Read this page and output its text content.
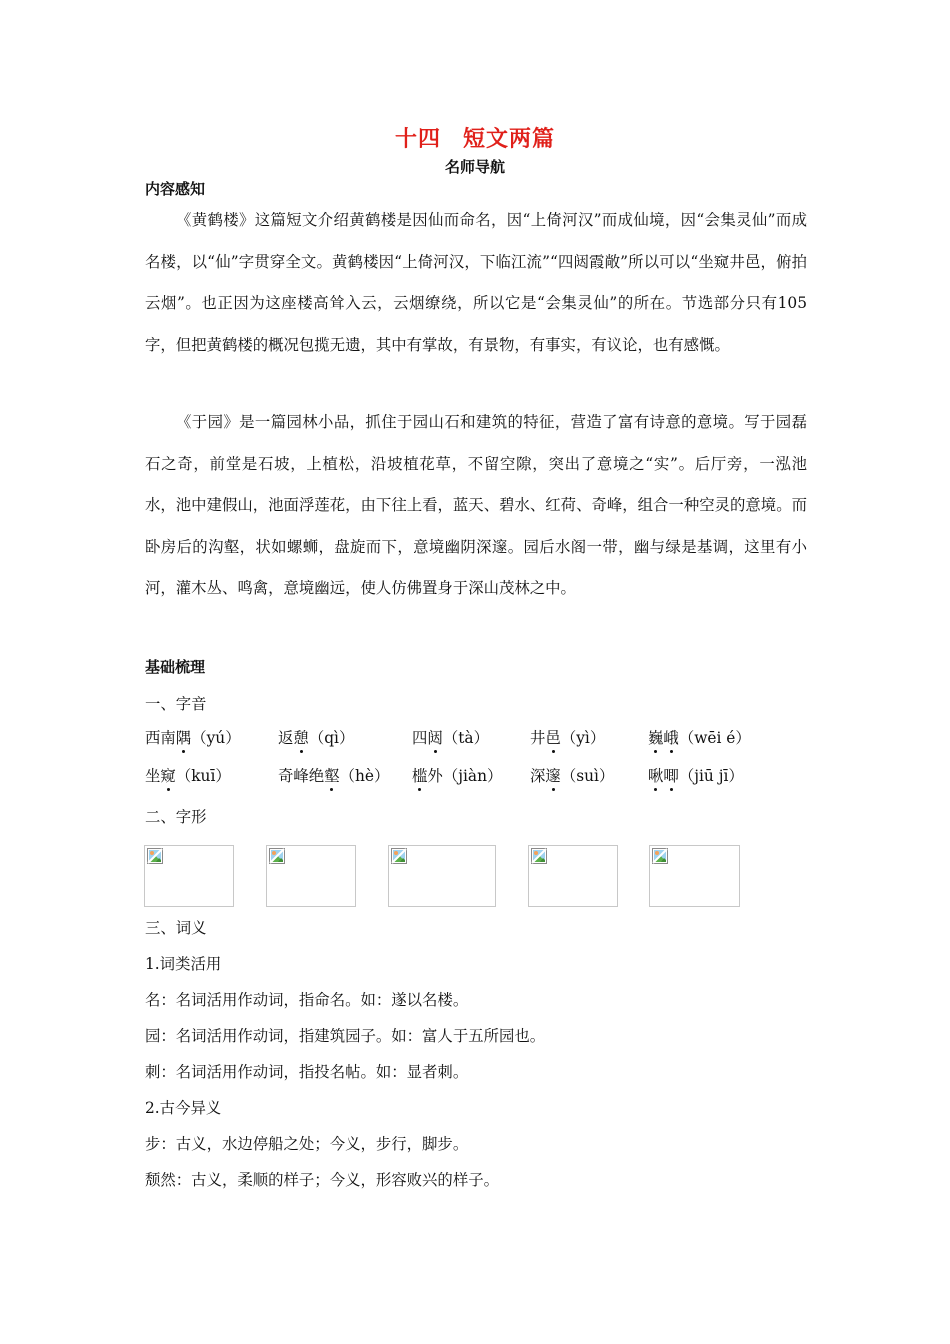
十四 短文两篇
名师导航
内容感知

《黄鹤楼》这篇短文介绍黄鹤楼是因仙而命名，因“上倚河汉”而成仙境，因“会集灵仙”而成名楼，以“仙”字贯穿全文。黄鹤楼因“上倚河汉，下临江流”“四闼霞敞”所以可以“坐窥井邑，俯拍云烟”。也正因为这座楼高耸入云，云烟缭绕，所以它是“会集灵仙”的所在。节选部分只有105字，但把黄鹤楼的概况包揽无遗，其中有掌故，有景物，有事实，有议论，也有感慨。

《于园》是一篇园林小品，抓住于园山石和建筑的特征，营造了富有诗意的意境。写于园磊石之奇，前堂是石坡，上植松，沿坡植花草，不留空隙，突出了意境之“实”。后厅旁，一泓池水，池中建假山，池面浮莲花，由下往上看，蓝天、碧水、红荷、奇峰，组合一种空灵的意境。而卧房后的沟壑，状如螺蛳，盘旋而下，意境幽阴深邃。园后水阁一带，幽与绿是基调，这里有小河，灌木丛、鸣禽，意境幽远，使人仿佛置身于深山茂林之中。

基础梳理
一、字音
西南隅（yú） 返憩（qì）	四闼（tà）	井邑（yì）	巍峨（wēi é）
坐窥（kuī）	奇峰绝壑（hè） 槛外（jiàn） 深邃（suì） 啾唧（jiū jī）
二、字形
三、词义
1.词类活用
名：名词活用作动词，指命名。如：遂以名楼。
园：名词活用作动词，指建筑园子。如：富人于五所园也。
刺：名词活用作动词，指投名帖。如：显者刺。
2.古今异义
步：古义，水边停船之处；今义，步行，脚步。
颓然：古义，柔顺的样子；今义，形容败兴的样子。
